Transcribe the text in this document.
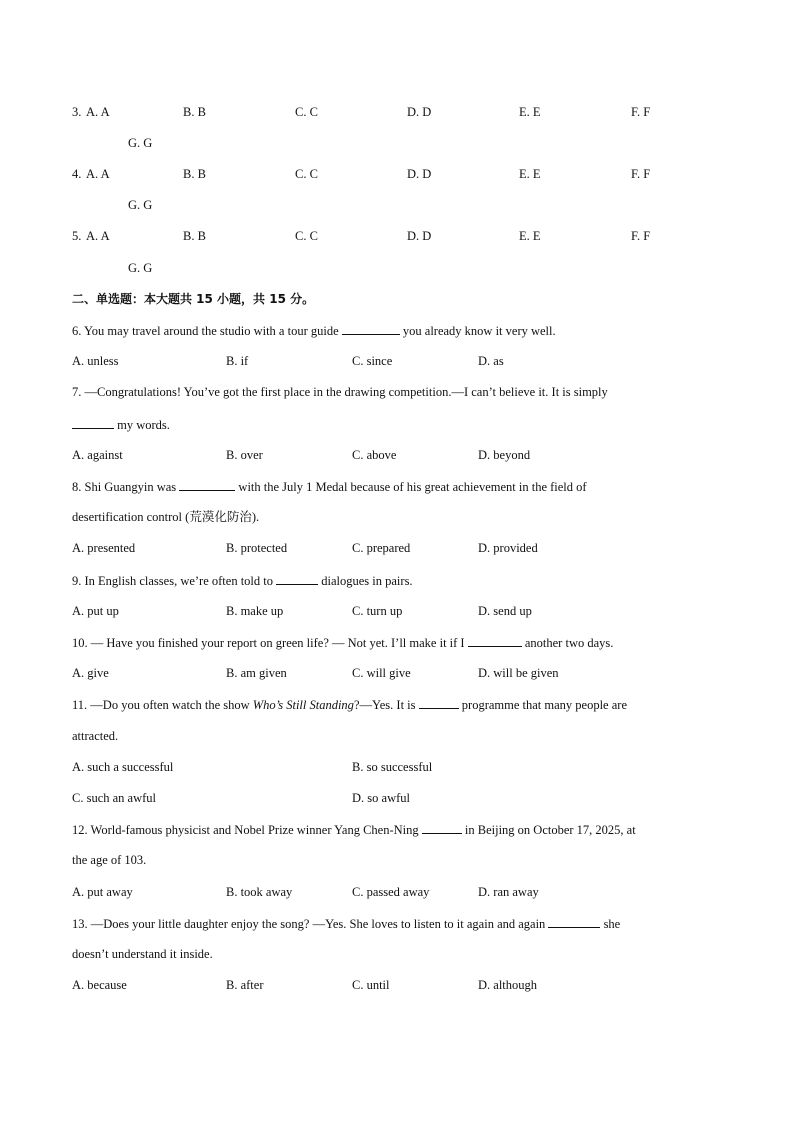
3. A. A	B. B	C. C	D. D	E. E	F. F
G. G
4. A. A	B. B	C. C	D. D	E. E	F. F
G. G
5. A. A	B. B	C. C	D. D	E. E	F. F
G. G
二、单选题：本大题共 15 小题，共 15 分。
6. You may travel around the studio with a tour guide	you already know it very well.
A. unless	B. if	C. since	D. as
7. —Congratulations! You’ve got the first place in the drawing competition.—I can’t believe it. It is simply
my words.
A. against	B. over	C. above	D. beyond
8. Shi Guangyin was	with the July 1 Medal because of his great achievement in the field of
desertification control (荒漠化防治).
A. presented	B. protected	C. prepared	D. provided
9. In English classes, we’re often told to	dialogues in pairs.
A. put up	B. make up	C. turn up	D. send up
10. — Have you finished your report on green life? — Not yet. I’ll make it if I	another two days.
A. give	B. am given	C. will give	D. will be given
11. —Do you often watch the show Who’s Still Standing?—Yes. It is	programme that many people are
attracted.
A. such a successful	B. so successful
C. such an awful	D. so awful
12. World-famous physicist and Nobel Prize winner Yang Chen-Ning	in Beijing on October 17, 2025, at
the age of 103.
A. put away	B. took away	C. passed away	D. ran away
13. —Does your little daughter enjoy the song? —Yes. She loves to listen to it again and again	she
doesn’t understand it inside.
A. because	B. after	C. until	D. although
